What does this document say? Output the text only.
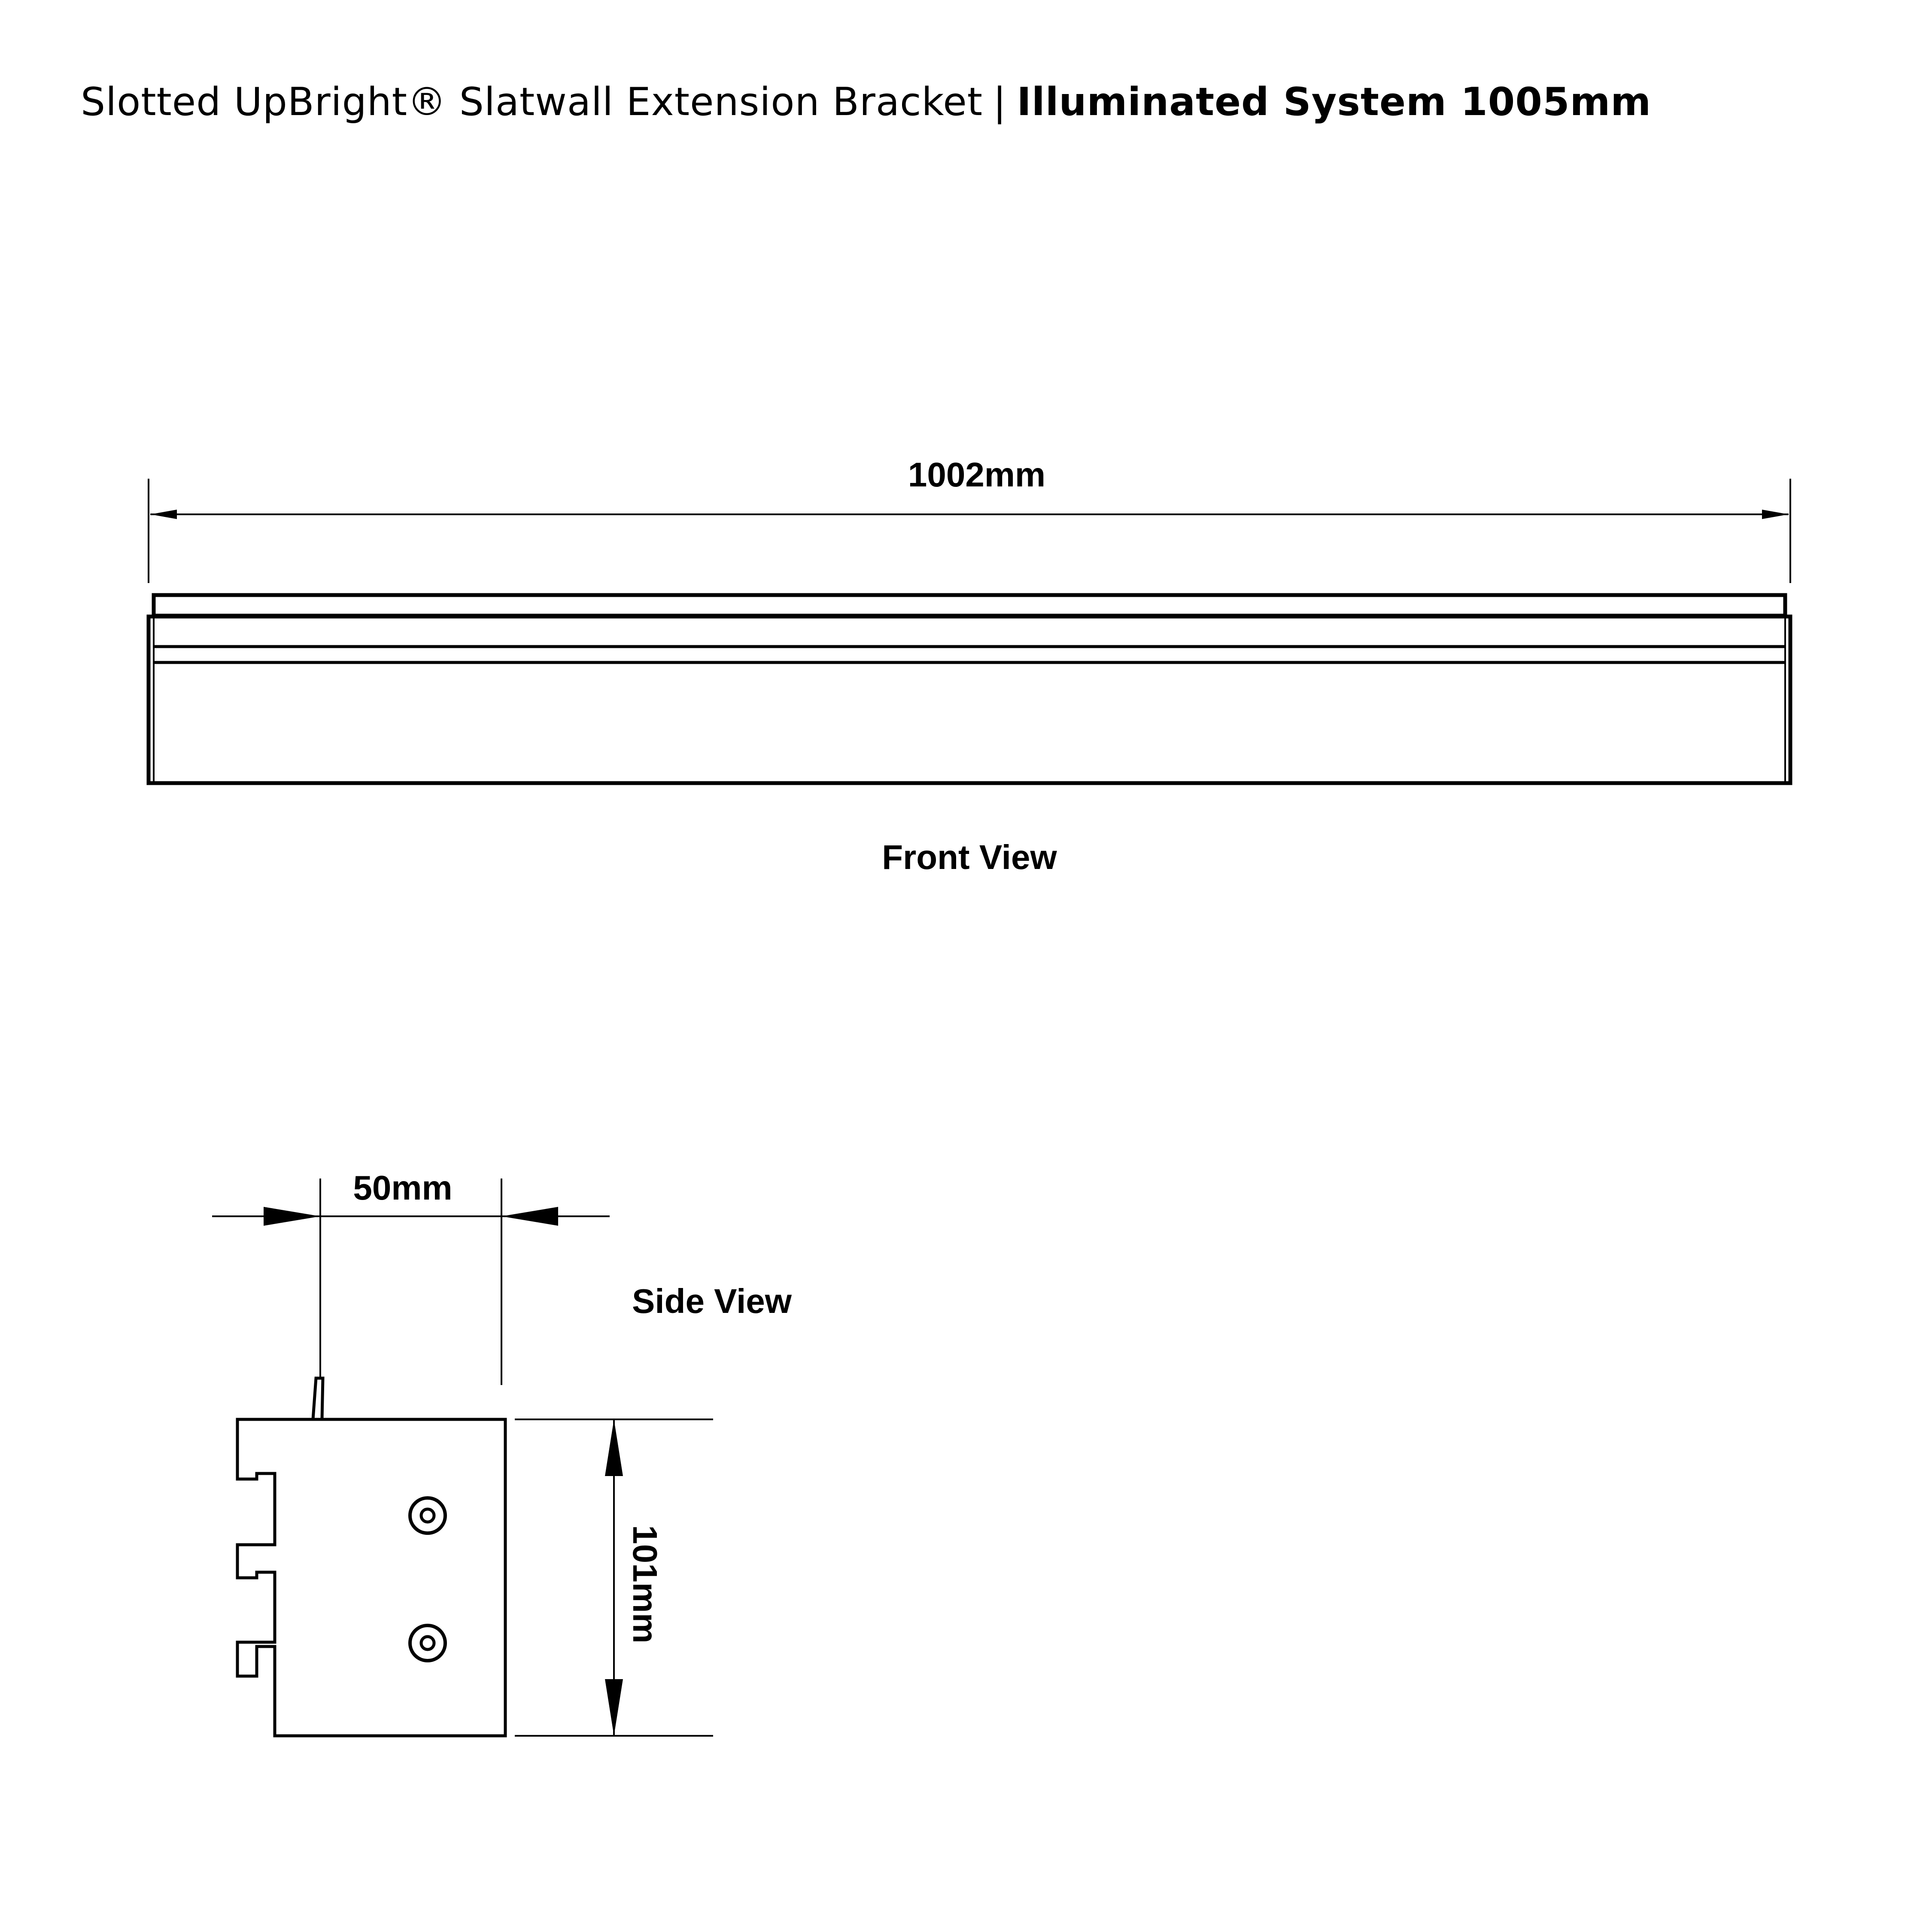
Slotted UpBright® Slatwall Extension Bracket | Illuminated System 1005mm
1002mm
Front View
50mm
Side View
101mm
